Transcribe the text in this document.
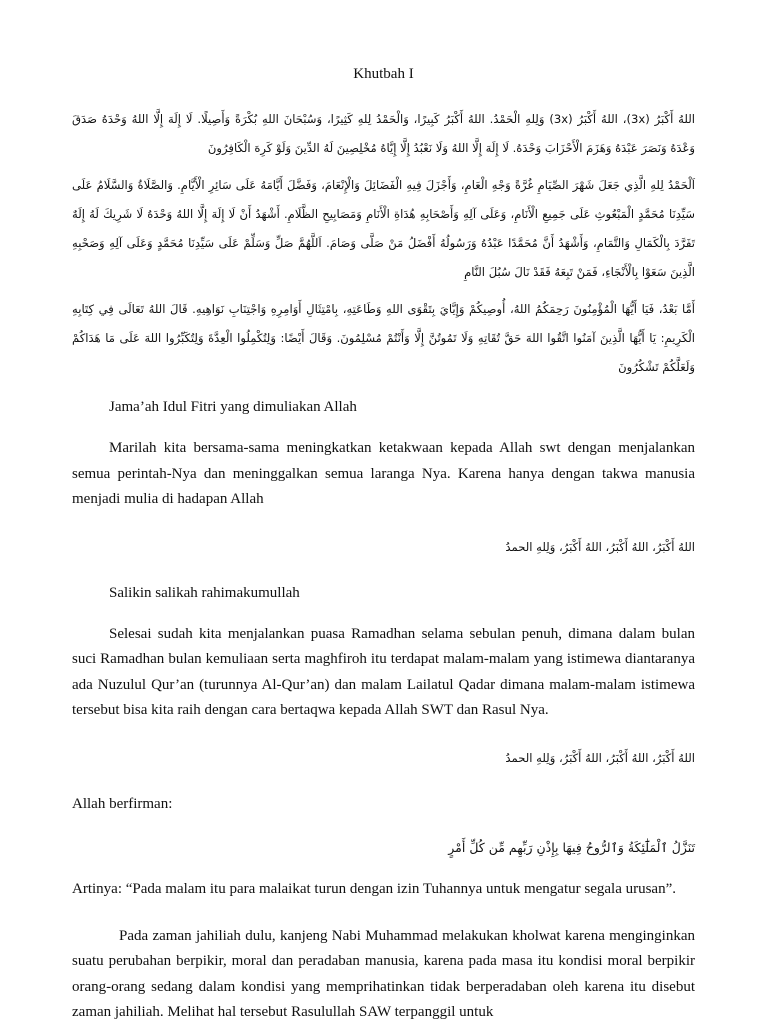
Khutbah I

اللهُ أَكْبَرُ (3x)، اللهُ أَكْبَرُ (3x) وَلِلهِ الْحَمْدُ. اللهُ أَكْبَرُ كَبِيرًا، وَالْحَمْدُ لِلهِ كَثِيرًا، وَسُبْحَانَ اللهِ بُكْرَةً وَأَصِيلًا. لَا إِلَهَ إِلَّا اللهُ وَحْدَهُ صَدَقَ وَعْدَهُ وَنَصَرَ عَبْدَهُ وَهَزَمَ الْأَحْزَابَ وَحْدَهُ. لَا إِلَهَ إِلَّا اللهُ وَلَا نَعْبُدُ إِلَّا إِيَّاهُ مُخْلِصِينَ لَهُ الدِّينَ وَلَوْ كَرِهَ الْكَافِرُونَ

اَلْحَمْدُ لِلهِ الَّذِي جَعَلَ شَهْرَ الصِّيَامِ غُرَّةً وَجْهِ الْعَامِ، وَأَجْزَلَ فِيهِ الْفَضَائِلَ وَالْإِنْعَامَ، وَفَضَّلَ أَيَّامَهُ عَلَى سَائِرِ الْأَيَّامِ. وَالصَّلَاةُ وَالسَّلَامُ عَلَى سَيِّدِنَا مُحَمَّدٍ الْمَبْعُوثِ عَلَى جَمِيعِ الْأَنَامِ، وَعَلَى آلِهِ وَأَصْحَابِهِ هُدَاةِ الْأَنَامِ وَمَصَابِيحِ الظَّلَامِ. أَشْهَدُ أَنْ لَا إِلَهَ إِلَّا اللهُ وَحْدَهُ لَا شَرِيكَ لَهُ إِلَهٌ تَفَرَّدَ بِالْكَمَالِ وَالتَّمَامِ، وَأَشْهَدُ أَنَّ مُحَمَّدًا عَبْدُهُ وَرَسُولُهُ أَفْضَلُ مَنْ صَلَّى وَصَامَ. اَللَّهُمَّ صَلِّ وَسَلِّمْ عَلَى سَيِّدِنَا مُحَمَّدٍ وَعَلَى آلِهِ وَصَحْبِهِ الَّذِينَ سَعَوْا بِالْأَنْجَاءِ، فَمَنْ تَبِعَهُ فَقَدْ نَالَ سُبُلَ النَّامِ

أَمَّا بَعْدُ، فَيَا أَيُّهَا الْمُؤْمِنُونَ رَحِمَكُمُ اللهُ، أُوصِيكُمْ وَإِيَّايَ بِتَقْوَى اللهِ وَطَاعَتِهِ، بِامْتِثَالِ أَوَامِرِهِ وَاجْتِنَابِ نَوَاهِيهِ. قَالَ اللهُ تَعَالَى فِي كِتَابِهِ الْكَرِيمِ: يَا أَيُّهَا الَّذِينَ آمَنُوا اتَّقُوا اللهَ حَقَّ تُقَاتِهِ وَلَا تَمُوتُنَّ إِلَّا وَأَنْتُمْ مُسْلِمُونَ. وَقَالَ أَيْضًا: وَلِتُكْمِلُوا الْعِدَّةَ وَلِتُكَبِّرُوا اللهَ عَلَى مَا هَدَاكُمْ وَلَعَلَّكُمْ تَشْكُرُونَ

Jama’ah Idul Fitri yang dimuliakan Allah

Marilah kita bersama-sama meningkatkan ketakwaan kepada Allah swt dengan menjalankan semua perintah-Nya dan meninggalkan semua laranga Nya. Karena hanya dengan takwa manusia menjadi mulia di hadapan Allah

اللهُ أَكْبَرُ، اللهُ أَكْبَرُ، اللهُ أَكْبَرُ، وَلِلهِ الحمدُ

Salikin salikah rahimakumullah

Selesai sudah kita menjalankan puasa Ramadhan selama sebulan penuh, dimana dalam bulan suci Ramadhan bulan kemuliaan serta maghfiroh itu terdapat malam-malam yang istimewa diantaranya ada Nuzulul Qur’an (turunnya Al-Qur’an) dan malam Lailatul Qadar dimana malam-malam istimewa tersebut bisa kita raih dengan cara bertaqwa kepada Allah SWT dan Rasul Nya.

اللهُ أَكْبَرُ، اللهُ أَكْبَرُ، اللهُ أَكْبَرُ، وَلِلهِ الحمدُ

Allah berfirman:

تَنَزَّلُ ٱلْمَلَٰٓئِكَةُ وَٱلرُّوحُ فِيهَا بِإِذْنِ رَبِّهِم مِّن كُلِّ أَمْرٍ

Artinya: “Pada malam itu para malaikat turun dengan izin Tuhannya untuk mengatur segala urusan”.

Pada zaman jahiliah dulu, kanjeng Nabi Muhammad melakukan kholwat karena menginginkan suatu perubahan berpikir, moral dan peradaban manusia, karena pada masa itu kondisi moral berpikir orang-orang sedang dalam kondisi yang memprihatinkan tidak berperadaban oleh karena itu disebut zaman jahiliah. Melihat hal tersebut Rasulullah SAW terpanggil untuk
